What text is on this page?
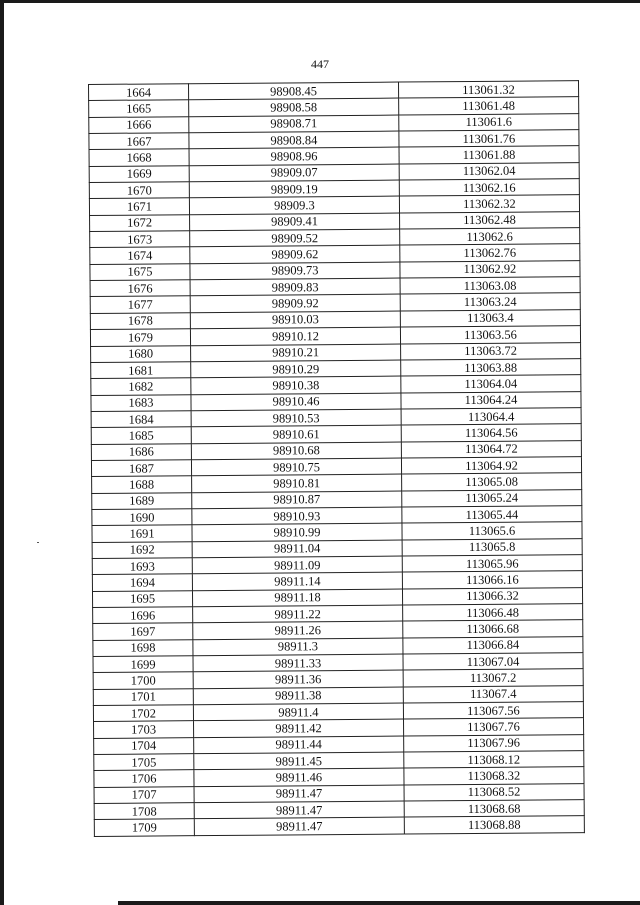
447
1664	98908.45	113061.32
1665	98908.58	113061.48
1666	98908.71	113061.6
1667	98908.84	113061.76
1668	98908.96	113061.88
1669	98909.07	113062.04
1670	98909.19	113062.16
1671	98909.3	113062.32
1672	98909.41	113062.48
1673	98909.52	113062.6
1674	98909.62	113062.76
1675	98909.73	113062.92
1676	98909.83	113063.08
1677	98909.92	113063.24
1678	98910.03	113063.4
1679	98910.12	113063.56
1680	98910.21	113063.72
1681	98910.29	113063.88
1682	98910.38	113064.04
1683	98910.46	113064.24
1684	98910.53	113064.4
1685	98910.61	113064.56
1686	98910.68	113064.72
1687	98910.75	113064.92
1688	98910.81	113065.08
1689	98910.87	113065.24
1690	98910.93	113065.44
1691	98910.99	113065.6
1692	98911.04	113065.8
1693	98911.09	113065.96
1694	98911.14	113066.16
1695	98911.18	113066.32
1696	98911.22	113066.48
1697	98911.26	113066.68
1698	98911.3	113066.84
1699	98911.33	113067.04
1700	98911.36	113067.2
1701	98911.38	113067.4
1702	98911.4	113067.56
1703	98911.42	113067.76
1704	98911.44	113067.96
1705	98911.45	113068.12
1706	98911.46	113068.32
1707	98911.47	113068.52
1708	98911.47	113068.68
1709	98911.47	113068.88
